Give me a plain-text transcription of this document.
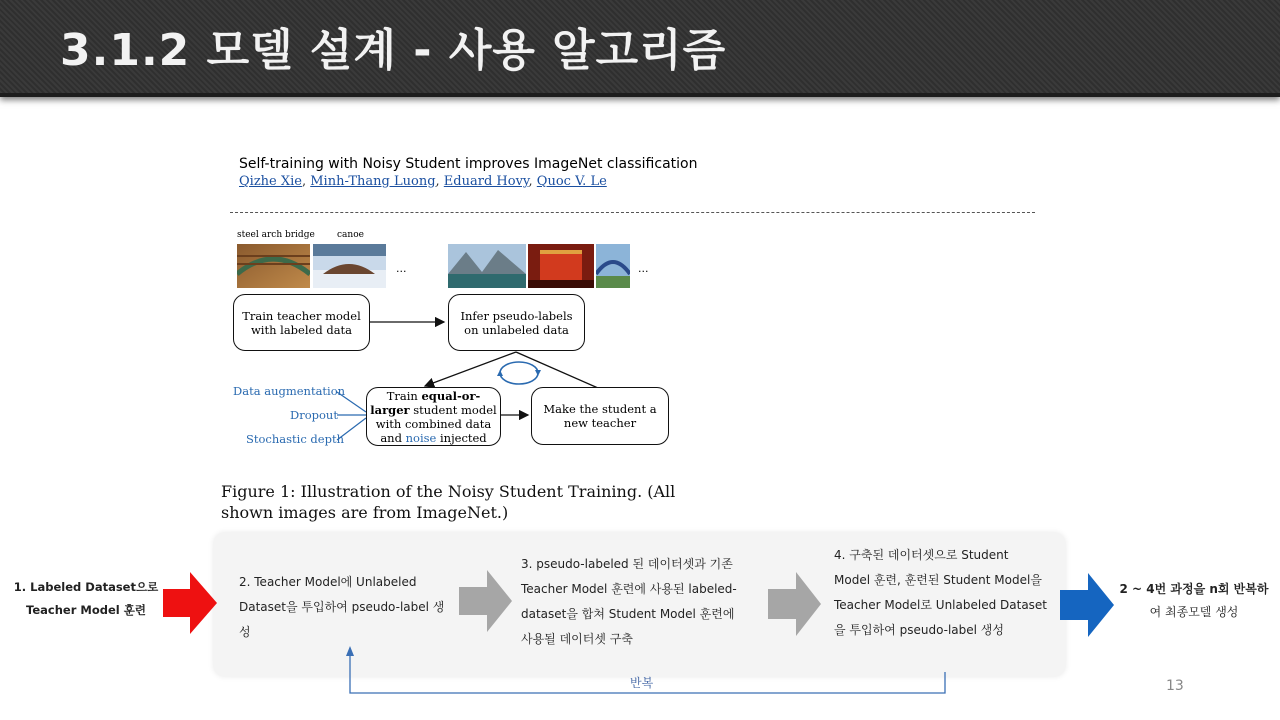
3.1.2 모델 설계 - 사용 알고리즘
Self-training with Noisy Student improves ImageNet classification
Qizhe Xie, Minh-Thang Luong, Eduard Hovy, Quoc V. Le
steel arch bridge canoe
...	...
Train teacher model
with labeled data
Infer pseudo-labels
on unlabeled data
Train equal-or-
larger student model
with combined data
and noise injected
Make the student a
new teacher
Data augmentation
Dropout
Stochastic depth
Figure 1: Illustration of the Noisy Student Training. (All shown images are from ImageNet.)
1. Labeled Dataset으로
Teacher Model 훈련
2. Teacher Model에 Unlabeled
Dataset을 투입하여 pseudo-label 생
성
3. pseudo-labeled 된 데이터셋과 기존
Teacher Model 훈련에 사용된 labeled-
dataset을 합쳐 Student Model 훈련에
사용될 데이터셋 구축
4. 구축된 데이터셋으로 Student
Model 훈련, 훈련된 Student Model을
Teacher Model로 Unlabeled Dataset
을 투입하여 pseudo-label 생성
2 ~ 4번 과정을 n회 반복하
여 최종모델 생성
반복	13
